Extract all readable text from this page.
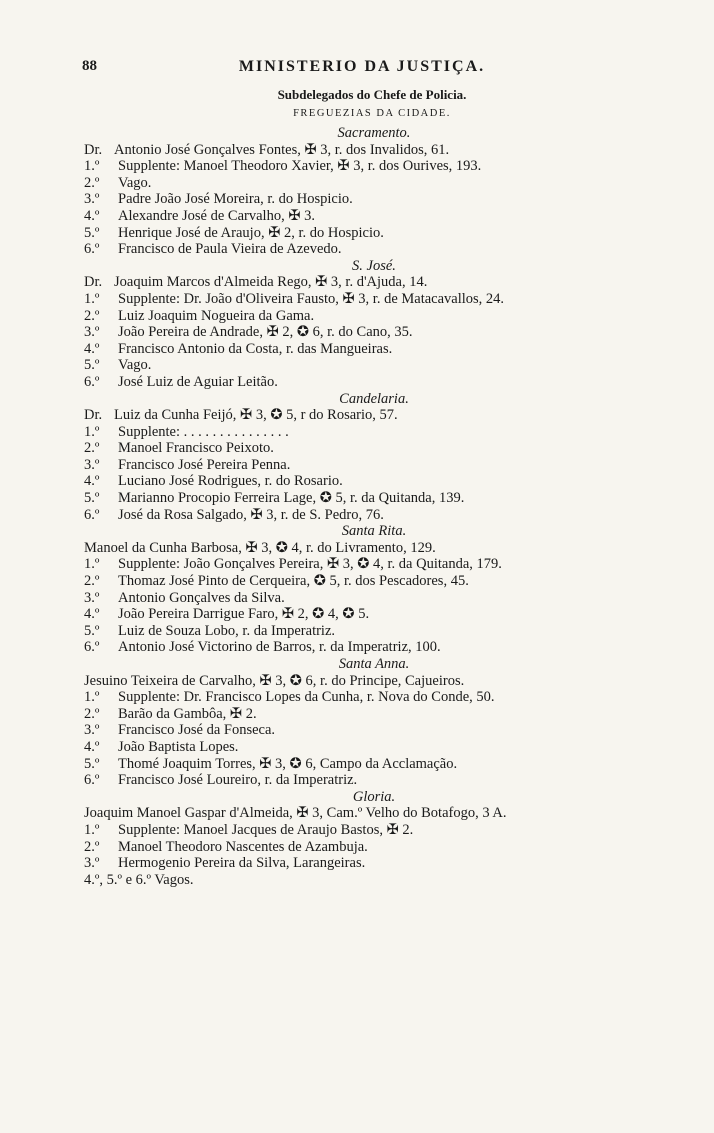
88	MINISTERIO DA JUSTIÇA.
Subdelegados do Chefe de Policia.
FREGUEZIAS DA CIDADE.
Sacramento.
Dr. Antonio José Gonçalves Fontes, ✠ 3, r. dos Invalidos, 61.
1.º Supplente: Manoel Theodoro Xavier, ✠ 3, r. dos Ourives, 193.
2.º Vago.
3.º Padre João José Moreira, r. do Hospicio.
4.º Alexandre José de Carvalho, ✠ 3.
5.º Henrique José de Araujo, ✠ 2, r. do Hospicio.
6.º Francisco de Paula Vieira de Azevedo.
S. José.
Dr. Joaquim Marcos d'Almeida Rego, ✠ 3, r. d'Ajuda, 14.
1.º Supplente: Dr. João d'Oliveira Fausto, ✠ 3, r. de Matacavallos, 24.
2.º Luiz Joaquim Nogueira da Gama.
3.º João Pereira de Andrade, ✠ 2, ✪ 6, r. do Cano, 35.
4.º Francisco Antonio da Costa, r. das Mangueiras.
5.º Vago.
6.º José Luiz de Aguiar Leitão.
Candelaria.
Dr. Luiz da Cunha Feijó, ✠ 3, ✪ 5, r do Rosario, 57.
1.º Supplente: . . . . . . . . . . . . . . .
2.º Manoel Francisco Peixoto.
3.º Francisco José Pereira Penna.
4.º Luciano José Rodrigues, r. do Rosario.
5.º Marianno Procopio Ferreira Lage, ✪ 5, r. da Quitanda, 139.
6.º José da Rosa Salgado, ✠ 3, r. de S. Pedro, 76.
Santa Rita.
Manoel da Cunha Barbosa, ✠ 3, ✪ 4, r. do Livramento, 129.
1.º Supplente: João Gonçalves Pereira, ✠ 3, ✪ 4, r. da Quitanda, 179.
2.º Thomaz José Pinto de Cerqueira, ✪ 5, r. dos Pescadores, 45.
3.º Antonio Gonçalves da Silva.
4.º João Pereira Darrigue Faro, ✠ 2, ✪ 4, ✪ 5.
5.º Luiz de Souza Lobo, r. da Imperatriz.
6.º Antonio José Victorino de Barros, r. da Imperatriz, 100.
Santa Anna.
Jesuino Teixeira de Carvalho, ✠ 3, ✪ 6, r. do Principe, Cajueiros.
1.º Supplente: Dr. Francisco Lopes da Cunha, r. Nova do Conde, 50.
2.º Barão da Gambôa, ✠ 2.
3.º Francisco José da Fonseca.
4.º João Baptista Lopes.
5.º Thomé Joaquim Torres, ✠ 3, ✪ 6, Campo da Acclamação.
6.º Francisco José Loureiro, r. da Imperatriz.
Gloria.
Joaquim Manoel Gaspar d'Almeida, ✠ 3, Cam.º Velho do Botafogo, 3 A.
1.º Supplente: Manoel Jacques de Araujo Bastos, ✠ 2.
2.º Manoel Theodoro Nascentes de Azambuja.
3.º Hermogenio Pereira da Silva, Larangeiras.
4.º, 5.º e 6.º Vagos.
